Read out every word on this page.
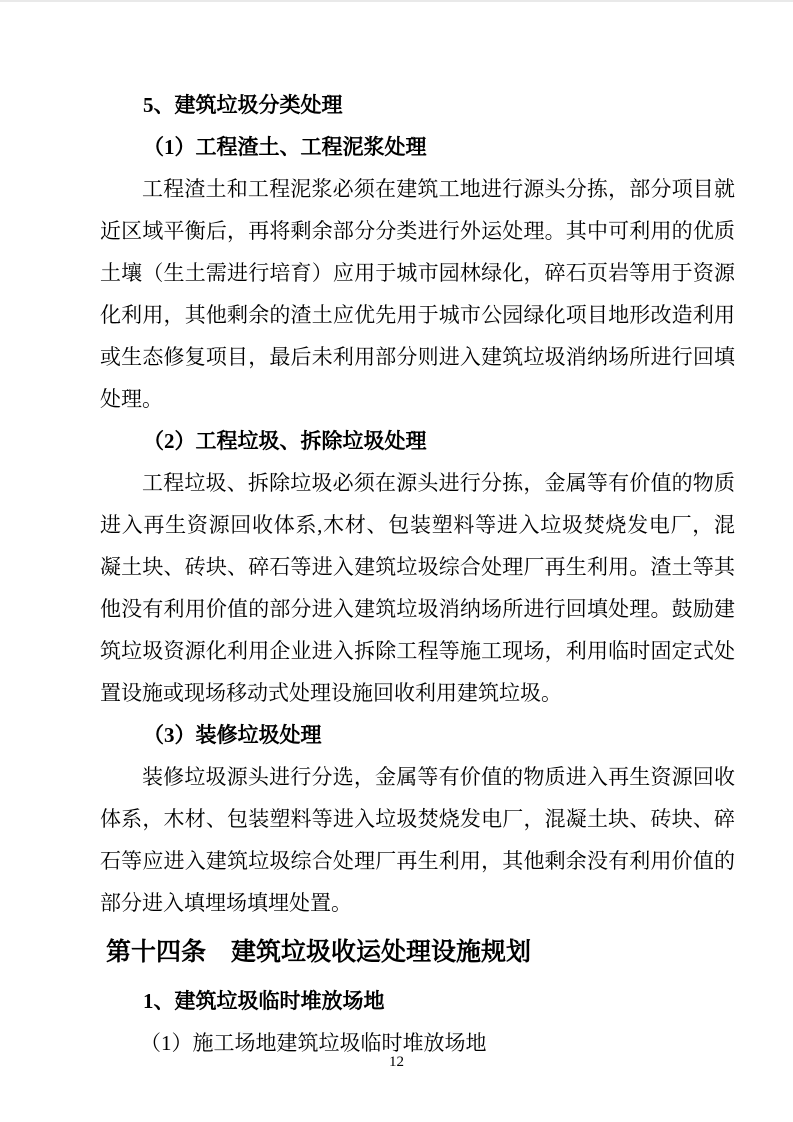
5、建筑垃圾分类处理
（1）工程渣土、工程泥浆处理

工程渣土和工程泥浆必须在建筑工地进行源头分拣，部分项目就近区域平衡后，再将剩余部分分类进行外运处理。其中可利用的优质土壤（生土需进行培育）应用于城市园林绿化，碎石页岩等用于资源化利用，其他剩余的渣土应优先用于城市公园绿化项目地形改造利用或生态修复项目，最后未利用部分则进入建筑垃圾消纳场所进行回填处理。

（2）工程垃圾、拆除垃圾处理

工程垃圾、拆除垃圾必须在源头进行分拣，金属等有价值的物质进入再生资源回收体系,木材、包装塑料等进入垃圾焚烧发电厂，混凝土块、砖块、碎石等进入建筑垃圾综合处理厂再生利用。渣土等其他没有利用价值的部分进入建筑垃圾消纳场所进行回填处理。鼓励建筑垃圾资源化利用企业进入拆除工程等施工现场，利用临时固定式处置设施或现场移动式处理设施回收利用建筑垃圾。

（3）装修垃圾处理

装修垃圾源头进行分选，金属等有价值的物质进入再生资源回收体系，木材、包装塑料等进入垃圾焚烧发电厂，混凝土块、砖块、碎石等应进入建筑垃圾综合处理厂再生利用，其他剩余没有利用价值的部分进入填埋场填埋处置。

第十四条　建筑垃圾收运处理设施规划
1、建筑垃圾临时堆放场地
（1）施工场地建筑垃圾临时堆放场地
12
